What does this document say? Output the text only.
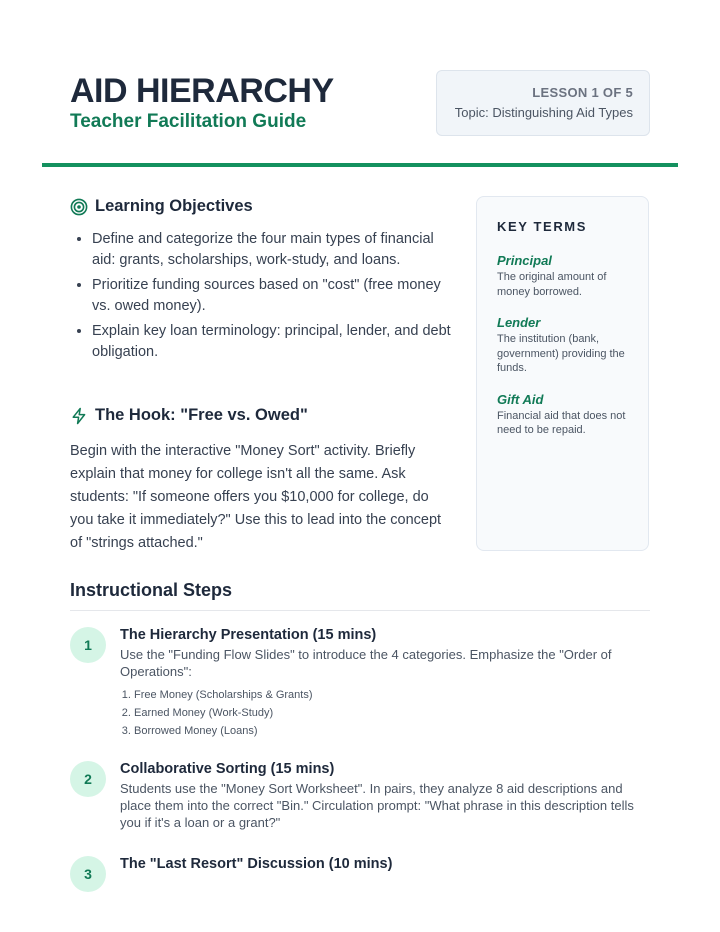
AID HIERARCHY
Teacher Facilitation Guide
LESSON 1 OF 5
Topic: Distinguishing Aid Types
Learning Objectives
• Define and categorize the four main types of financial aid: grants, scholarships, work-study, and loans.
• Prioritize funding sources based on "cost" (free money vs. owed money).
• Explain key loan terminology: principal, lender, and debt obligation.
The Hook: "Free vs. Owed"

Begin with the interactive "Money Sort" activity. Briefly explain that money for college isn't all the same. Ask students: "If someone offers you $10,000 for college, do you take it immediately?" Use this to lead into the concept of "strings attached."

KEY TERMS
Principal
The original amount of money borrowed.
Lender
The institution (bank, government) providing the funds.
Gift Aid
Financial aid that does not need to be repaid.
Instructional Steps
1
The Hierarchy Presentation (15 mins)
Use the "Funding Flow Slides" to introduce the 4 categories. Emphasize the "Order of Operations":
1. Free Money (Scholarships & Grants)
2. Earned Money (Work-Study)
3. Borrowed Money (Loans)
2
Collaborative Sorting (15 mins)
Students use the "Money Sort Worksheet". In pairs, they analyze 8 aid descriptions and place them into the correct "Bin." Circulation prompt: "What phrase in this description tells you if it's a loan or a grant?"
3
The "Last Resort" Discussion (10 mins)
